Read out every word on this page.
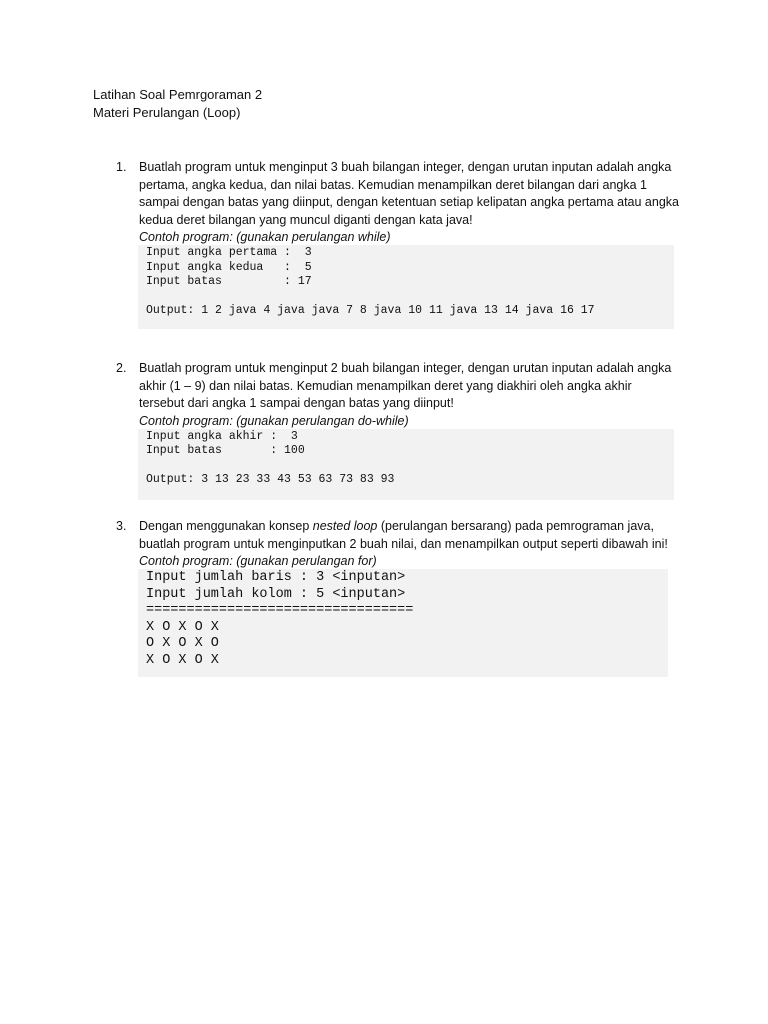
Latihan Soal Pemrgoraman 2
Materi Perulangan (Loop)
1.	Buatlah program untuk menginput 3 buah bilangan integer, dengan urutan inputan adalah angka pertama, angka kedua, dan nilai batas. Kemudian menampilkan deret bilangan dari angka 1 sampai dengan batas yang diinput, dengan ketentuan setiap kelipatan angka pertama atau angka kedua deret bilangan yang muncul diganti dengan kata java!

Contoh program: (gunakan perulangan while)

Input angka pertama :  3
Input angka kedua   :  5
Input batas         : 17
Output: 1 2 java 4 java java 7 8 java 10 11 java 13 14 java 16 17
2.	Buatlah program untuk menginput 2 buah bilangan integer, dengan urutan inputan adalah angka akhir (1 – 9) dan nilai batas. Kemudian menampilkan deret yang diakhiri oleh angka akhir tersebut dari angka 1 sampai dengan batas yang diinput!

Contoh program: (gunakan perulangan do-while)

Input angka akhir :  3
Input batas       : 100
Output: 3 13 23 33 43 53 63 73 83 93
3.	Dengan menggunakan konsep nested loop (perulangan bersarang) pada pemrograman java, buatlah program untuk menginputkan 2 buah nilai, dan menampilkan output seperti dibawah ini!

Contoh program: (gunakan perulangan for)

Input jumlah baris : 3 <inputan>
Input jumlah kolom : 5 <inputan>
=================================
X O X O X
O X O X O
X O X O X
